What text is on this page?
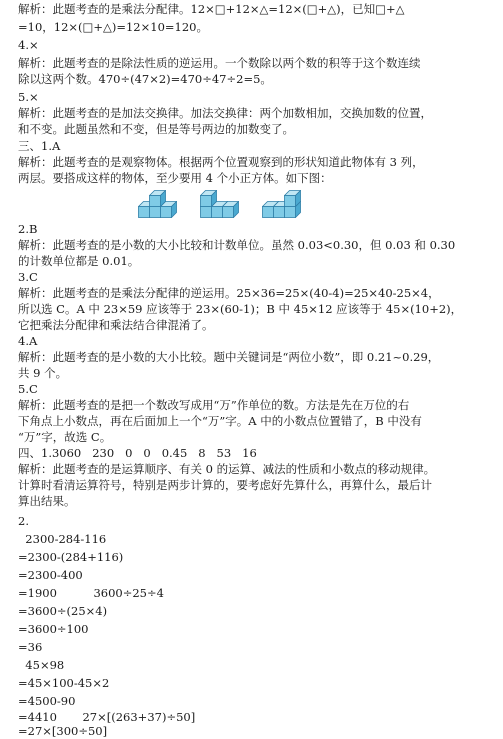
解析：此题考查的是乘法分配律。12×□+12×△=12×(□+△)，已知□+△
=10，12×(□+△)=12×10=120。
4.×
解析：此题考查的是除法性质的逆运用。一个数除以两个数的积等于这个数连续
除以这两个数。470÷(47×2)=470÷47÷2=5。
5.×
解析：此题考查的是加法交换律。加法交换律：两个加数相加，交换加数的位置，
和不变。此题虽然和不变，但是等号两边的加数变了。
三、1.A
解析：此题考查的是观察物体。根据两个位置观察到的形状知道此物体有 3 列，
两层。要搭成这样的物体，至少要用 4 个小正方体。如下图：
2.B
解析：此题考查的是小数的大小比较和计数单位。虽然 0.03<0.30，但 0.03 和 0.30
的计数单位都是 0.01。
3.C
解析：此题考查的是乘法分配律的逆运用。25×36=25×(40-4)=25×40-25×4，
所以选 C。A 中 23×59 应该等于 23×(60-1)；B 中 45×12 应该等于 45×(10+2)，
它把乘法分配律和乘法结合律混淆了。
4.A
解析：此题考查的是小数的大小比较。题中关键词是“两位小数”，即 0.21~0.29，
共 9 个。
5.C
解析：此题考查的是把一个数改写成用“万”作单位的数。方法是先在万位的右
下角点上小数点，再在后面加上一个“万”字。A 中的小数点位置错了，B 中没有
“万”字，故选 C。
四、1.3060   230   0   0   0.45   8   53   16
解析：此题考查的是运算顺序、有关 0 的运算、减法的性质和小数点的移动规律。
计算时看清运算符号，特别是两步计算的，要考虑好先算什么，再算什么，最后计
算出结果。
2.
2300-284-116
=2300-(284+116)
=2300-400
=1900          3600÷25÷4
=3600÷(25×4)
=3600÷100
=36
45×98
=45×100-45×2
=4500-90
=4410       27×[(263+37)÷50]
=27×[300÷50]
